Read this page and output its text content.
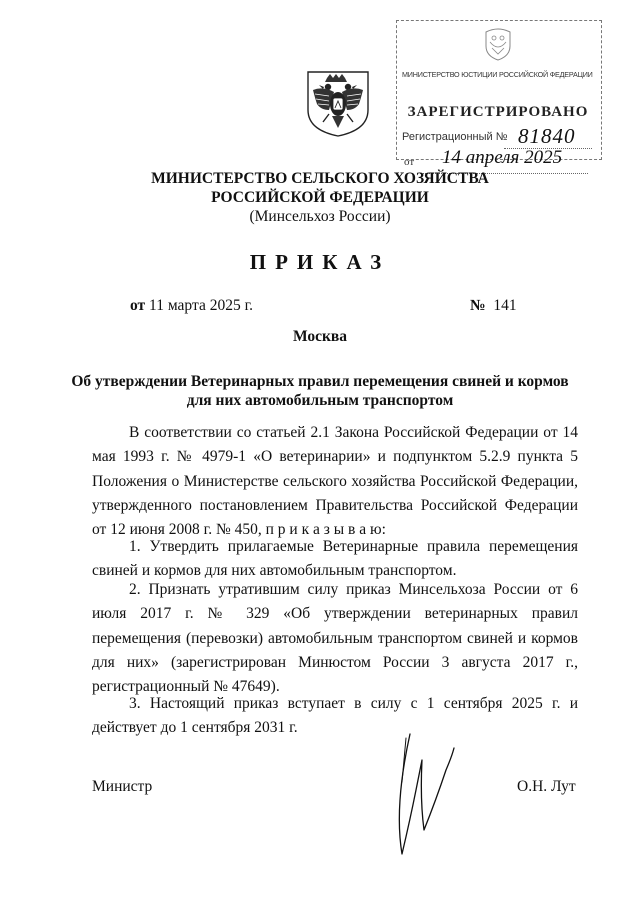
МИНИСТЕРСТВО ЮСТИЦИИ РОССИЙСКОЙ ФЕДЕРАЦИИ
ЗАРЕГИСТРИРОВАНО
Регистрационный № 81840
от 14 апреля 2025
МИНИСТЕРСТВО СЕЛЬСКОГО ХОЗЯЙСТВА
РОССИЙСКОЙ ФЕДЕРАЦИИ
(Минсельхоз России)
ПРИКАЗ
от 11 марта 2025 г.	№  141
Москва
Об утверждении Ветеринарных правил перемещения свиней и кормов
для них автомобильным транспортом

В соответствии со статьей 2.1 Закона Российской Федерации от 14 мая 1993 г. № 4979-1 «О ветеринарии» и подпунктом 5.2.9 пункта 5 Положения о Министерстве сельского хозяйства Российской Федерации, утвержденного постановлением Правительства Российской Федерации от 12 июня 2008 г. № 450, п р и к а з ы в а ю:

1. Утвердить прилагаемые Ветеринарные правила перемещения свиней и кормов для них автомобильным транспортом.

2. Признать утратившим силу приказ Минсельхоза России от 6 июля 2017 г. № 329 «Об утверждении ветеринарных правил перемещения (перевозки) автомобильным транспортом свиней и кормов для них» (зарегистрирован Минюстом России 3 августа 2017 г., регистрационный № 47649).

3. Настоящий приказ вступает в силу с 1 сентября 2025 г. и действует до 1 сентября 2031 г.

Министр	О.Н. Лут
